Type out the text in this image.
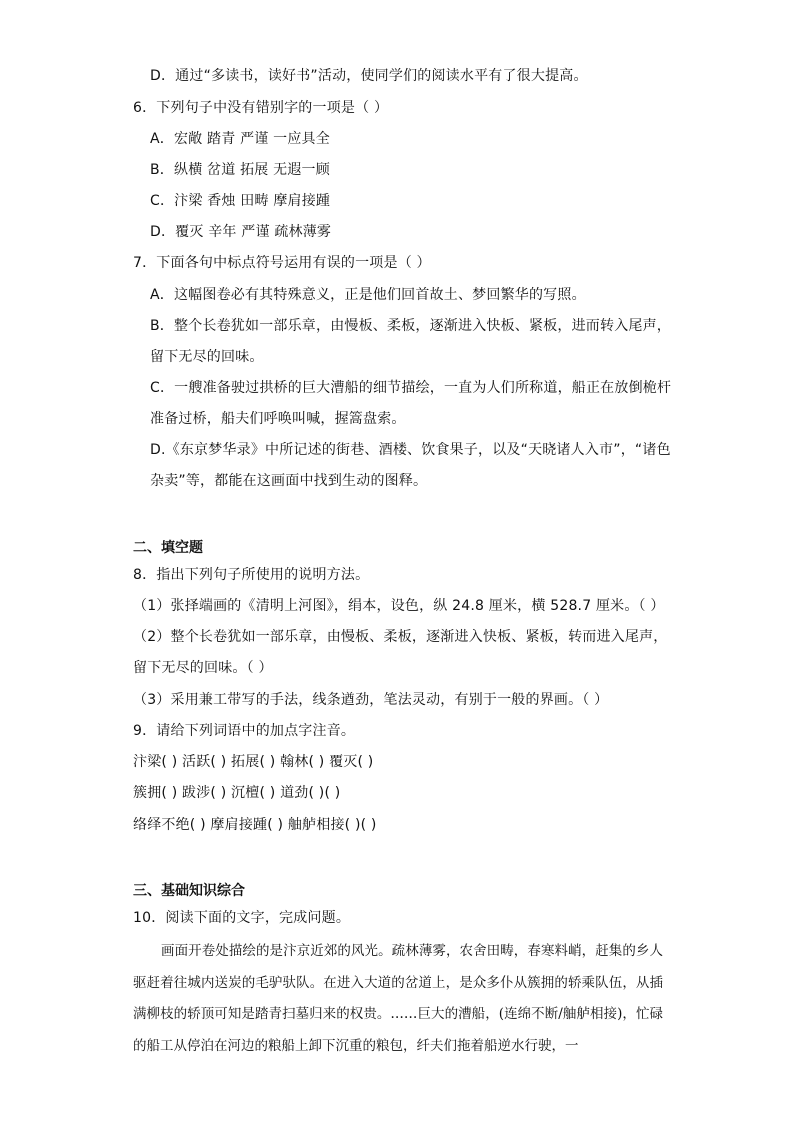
D．通过“多读书，读好书”活动，使同学们的阅读水平有了很大提高。
6．下列句子中没有错别字的一项是（ ）
A．宏敞 踏青 严谨 一应具全
B．纵横 岔道 拓展 无遐一顾
C．汴梁 香烛 田畴 摩肩接踵
D．覆灭 辛年 严谨 疏林薄雾
7．下面各句中标点符号运用有误的一项是（ ）
A．这幅图卷必有其特殊意义，正是他们回首故土、梦回繁华的写照。
B．整个长卷犹如一部乐章，由慢板、柔板，逐渐进入快板、紧板，进而转入尾声，
留下无尽的回味。
C．一艘准备驶过拱桥的巨大漕船的细节描绘，一直为人们所称道，船正在放倒桅杆
准备过桥，船夫们呼唤叫喊，握篙盘索。
D.《东京梦华录》中所记述的街巷、酒楼、饮食果子，以及“天晓诸人入市”，“诸色
杂卖”等，都能在这画面中找到生动的图释。
二、填空题
8．指出下列句子所使用的说明方法。
（1）张择端画的《清明上河图》，绢本，设色，纵 24.8 厘米，横 528.7 厘米。（ ）
（2）整个长卷犹如一部乐章，由慢板、柔板，逐渐进入快板、紧板，转而进入尾声，
留下无尽的回味。（ ）
（3）采用兼工带写的手法，线条遒劲，笔法灵动，有别于一般的界画。（ ）
9．请给下列词语中的加点字注音。
汴梁( ) 活跃( ) 拓展( ) 翰林( ) 覆灭( )
簇拥( ) 跋涉( ) 沉檀( ) 道劲( )( )
络绎不绝( ) 摩肩接踵( ) 舳舻相接( )( )
三、基础知识综合
10．阅读下面的文字，完成问题。

画面开卷处描绘的是汴京近郊的风光。疏林薄雾，农舍田畴，春寒料峭，赶集的乡人驱赶着往城内送炭的毛驴驮队。在进入大道的岔道上，是众多仆从簇拥的轿乘队伍，从插满柳枝的轿顶可知是踏青扫墓归来的权贵。……巨大的漕船，(连绵不断/舳舻相接)，忙碌的船工从停泊在河边的粮船上卸下沉重的粮包，纤夫们拖着船逆水行驶，一
